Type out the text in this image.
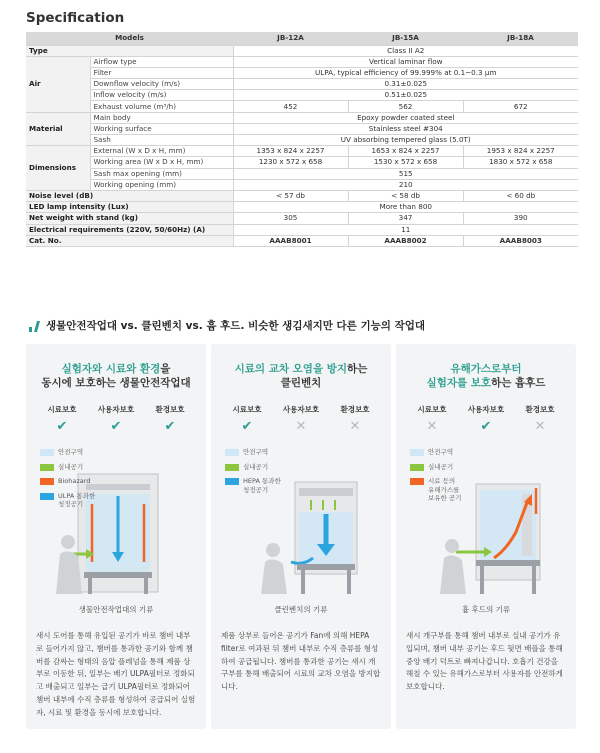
Specification
Models		JB-12A	JB-15A	JB-18A
Type		Class II A2		
Air	Airflow type	Vertical laminar flow		
	Filter	ULPA, typical efficiency of 99.999% at 0.1~0.3 µm		
	Downflow velocity (m/s)	0.31±0.025		
	Inflow velocity (m/s)	0.51±0.025		
	Exhaust volume (m³/h)	452	562	672
Material	Main body	Epoxy powder coated steel		
	Working surface	Stainless steel #304		
	Sash	UV absorbing tempered glass (5.0T)		
Dimensions	External (W x D x H, mm)	1353 x 824 x 2257	1653 x 824 x 2257	1953 x 824 x 2257
	Working area (W x D x H, mm)	1230 x 572 x 658	1530 x 572 x 658	1830 x 572 x 658
	Sash max opening (mm)	515		
	Working opening (mm)	210		
Noise level (dB)		< 57 db	< 58 db	< 60 db
LED lamp intensity (Lux)		More than 800		
Net weight with stand (kg)		305	347	390
Electrical requirements (220V, 50/60Hz) (A)		11		
Cat. No.		AAAB8001	AAAB8002	AAAB8003
생물안전작업대 vs. 클린벤치 vs. 흄 후드. 비슷한 생김새지만 다른 기능의 작업대
실험자와 시료와 환경을
동시에 보호하는 생물안전작업대
시료보호
✔
사용자보호
✔
환경보호
✔
안전구역
실내공기
Biohazard
ULPA 통과한
청정공기
생물안전작업대의 기류
새시 도어를 통해 유입된 공기가 바로 챔버 내부로 들어가지 않고, 챔버를 통과한 공기와 함께 챔버를 감싸는 형태의 음압 플레넘을 통해 제품 상부로 이동한 뒤, 일부는 배기 ULPA필터로 정화되고 배출되고 일부는 급기 ULPA필터로 정화되어 챔버 내부에 수직 층류를 형성하여 공급되어 실험자, 시료 및 환경을 동시에 보호합니다.
시료의 교차 오염을 방지하는
클린벤치
시료보호
✔
사용자보호
✕
환경보호
✕
안전구역
실내공기
HEPA 통과한
청정공기
클린벤치의 기류
제품 상부로 들어온 공기가 Fan에 의해 HEPA filter로 여과된 뒤 챔버 내부로 수직 층류를 형성하여 공급됩니다. 챔버를 통과한 공기는 새시 개구부를 통해 배출되어 시료의 교차 오염을 방지합니다.
유해가스로부터
실험자를 보호하는 흄후드
시료보호
✕
사용자보호
✔
환경보호
✕
안전구역
실내공기
시료 등의
유해가스를
보유한 공기
흄 후드의 기류
새시 개구부를 통해 챔버 내부로 실내 공기가 유입되며, 챔버 내부 공기는 후드 뒷면 배플을 통해 중앙 배기 덕트로 빠져나갑니다. 호흡기 건강을 해칠 수 있는 유해가스로부터 사용자를 안전하게 보호합니다.
